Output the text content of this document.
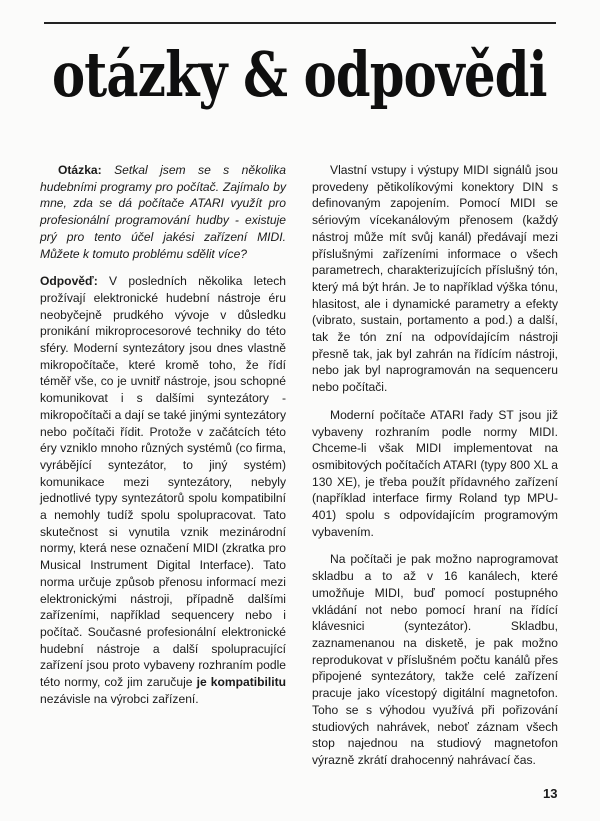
otázky & odpovědi

Otázka: Setkal jsem se s několika hudebními programy pro počítač. Zajímalo by mne, zda se dá počítače ATARI využít pro profesionální programování hudby - existuje prý pro tento účel jakési zařízení MIDI. Můžete k tomuto problému sdělit více?

Odpověď: V posledních několika letech prožívají elektronické hudební nástroje éru neobyčejně prudkého vývoje v důsledku pronikání mikroprocesorové techniky do této sféry. Moderní syntezátory jsou dnes vlastně mikropočítače, které kromě toho, že řídí téměř vše, co je uvnitř nástroje, jsou schopné komunikovat i s dalšími syntezátory - mikropočítači a dají se také jinými syntezátory nebo počítači řídit. Protože v začátcích této éry vzniklo mnoho různých systémů (co firma, vyrábějící syntezátor, to jiný systém) komunikace mezi syntezátory, nebyly jednotlivé typy syntezátorů spolu kompatibilní a nemohly tudíž spolu spolupracovat. Tato skutečnost si vynutila vznik mezinárodní normy, která nese označení MIDI (zkratka pro Musical Instrument Digital Interface). Tato norma určuje způsob přenosu informací mezi elektronickými nástroji, případně dalšími zařízeními, například sequencery nebo i počítač. Současné profesionální elektronické hudební nástroje a další spolupracující zařízení jsou proto vybaveny rozhraním podle této normy, což jim zaručuje je kompatibilitu nezávisle na výrobci zařízení.

Vlastní vstupy i výstupy MIDI signálů jsou provedeny pětikolíkovými konektory DIN s definovaným zapojením. Pomocí MIDI se sériovým vícekanálovým přenosem (každý nástroj může mít svůj kanál) předávají mezi příslušnými zařízeními informace o všech parametrech, charakterizujících příslušný tón, který má být hrán. Je to například výška tónu, hlasitost, ale i dynamické parametry a efekty (vibrato, sustain, portamento a pod.) a další, tak že tón zní na odpovídajícím nástroji přesně tak, jak byl zahrán na řídícím nástroji, nebo jak byl naprogramován na sequenceru nebo počítači.

Moderní počítače ATARI řady ST jsou již vybaveny rozhraním podle normy MIDI. Chceme-li však MIDI implementovat na osmibitových počítačích ATARI (typy 800 XL a 130 XE), je třeba použít přídavného zařízení (například interface firmy Roland typ MPU-401) spolu s odpovídajícím programovým vybavením.

Na počítači je pak možno naprogramovat skladbu a to až v 16 kanálech, které umožňuje MIDI, buď pomocí postupného vkládání not nebo pomocí hraní na řídící klávesnici (syntezátor). Skladbu, zaznamenanou na disketě, je pak možno reprodukovat v příslušném počtu kanálů přes připojené syntezátory, takže celé zařízení pracuje jako vícestopý digitální magnetofon. Toho se s výhodou využívá při pořizování studiových nahrávek, neboť záznam všech stop najednou na studiový magnetofon výrazně zkrátí drahocenný nahrávací čas.

13
